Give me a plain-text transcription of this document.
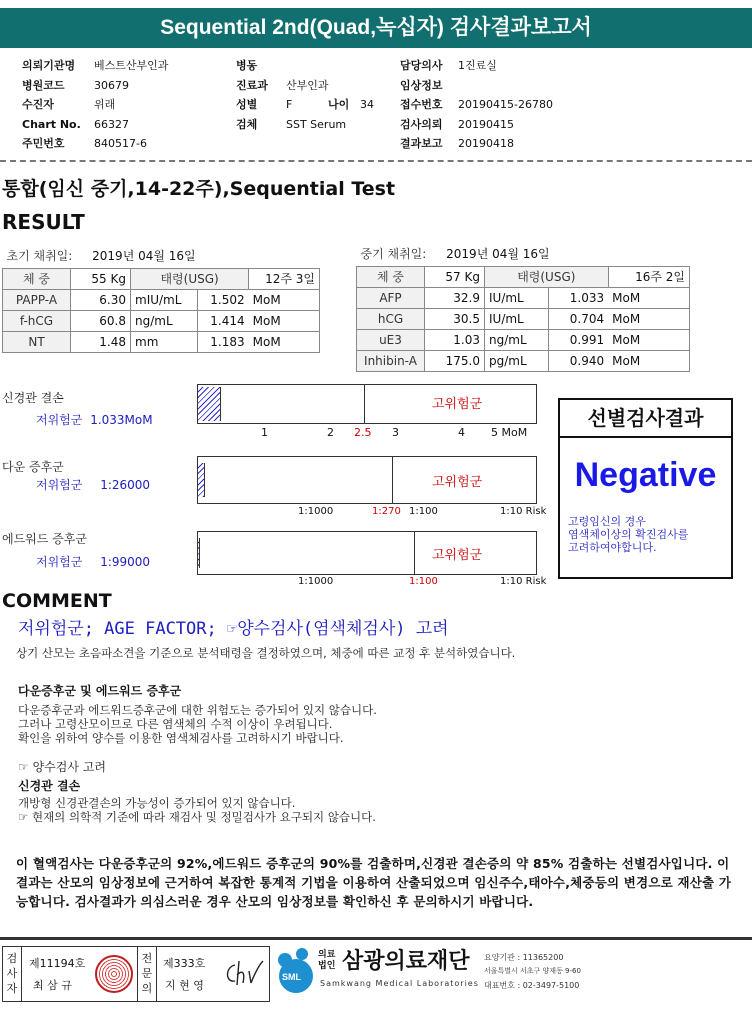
Sequential 2nd(Quad,녹십자) 검사결과보고서
의뢰기관명 베스트산부인과
병원코드	30679
수진자	위래
Chart No. 66327
주민번호	840517-6
병동
진료과 산부인과
성별	F	나이 34
검체	SST Serum
담당의사 1진료실
임상정보
접수번호 20190415-26780
검사의뢰 20190415
결과보고 20190418
통합(임신 중기,14-22주),Sequential Test
RESULT
초기 채취일: 2019년 04월 16일				
체 중	55 Kg	태령(USG)		12주 3일
PAPP-A	6.30	mIU/mL	1.502	MoM
f-hCG	60.8	ng/mL	1.414	MoM
NT	1.48	mm	1.183	MoM
중기 채취일: 2019년 04월 16일				
체 중	57 Kg	태령(USG)		16주 2일
AFP	32.9	IU/mL	1.033	MoM
hCG	30.5	IU/mL	0.704	MoM
uE3	1.03	ng/mL	0.991	MoM
Inhibin-A	175.0	pg/mL	0.940	MoM
신경관 결손
저위험군 1.033MoM
고위험군
1	2 2.5 3	4 5 MoM
다운 증후군
저위험군 1:26000	고위험군
1:1000	1:270 1:100	1:10 Risk
에드워드 증후군
저위험군 1:99000	고위험군
1:1000	1:100	1:10 Risk
선별검사결과
Negative
고령임신의 경우
염색체이상의 확진검사를
고려하여야합니다.
COMMENT
저위험군; AGE FACTOR; ☞양수검사(염색체검사) 고려
상기 산모는 초음파소견을 기준으로 분석태령을 결정하였으며, 체중에 따른 교정 후 분석하였습니다.
다운증후군 및 에드워드 증후군
다운증후군과 에드워드증후군에 대한 위험도는 증가되어 있지 않습니다.
그러나 고령산모이므로 다른 염색체의 수적 이상이 우려됩니다.
확인을 위하여 양수를 이용한 염색체검사를 고려하시기 바랍니다.
☞ 양수검사 고려
신경관 결손
개방형 신경관결손의 가능성이 증가되어 있지 않습니다.
☞ 현재의 의학적 기준에 따라 재검사 및 정밀검사가 요구되지 않습니다.
이 혈액검사는 다운증후군의 92%,에드워드 증후군의 90%를 검출하며,신경관 결손증의 약 85% 검출하는 선별검사입니다. 이 결과는 산모의 임상정보에 근거하여 복잡한 통계적 기법을 이용하여 산출되었으며 임신주수,태아수,체중등의 변경으로 재산출 가능합니다. 검사결과가 의심스러운 경우 산모의 임상정보를 확인하신 후 문의하시기 바랍니다.
검사자
제11194호
최 삼 규
전문의
제333호
지 현 영
SML
의료법인 삼광의료재단
Samkwang Medical Laboratories
요양기관 : 11365200
서울특별시 서초구 양재동 9-60
대표번호 : 02-3497-5100
